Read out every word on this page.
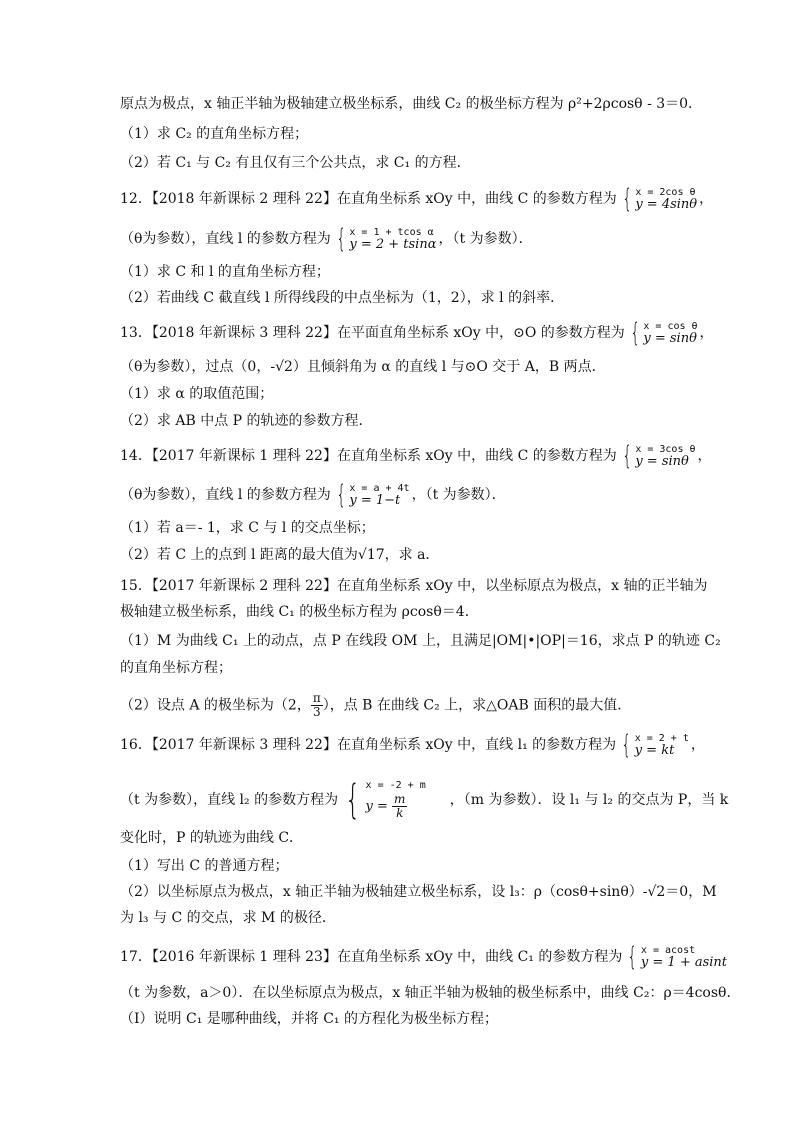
原点为极点，x 轴正半轴为极轴建立极坐标系，曲线 C₂ 的极坐标方程为 ρ²+2ρcosθ - 3＝0．
（1）求 C₂ 的直角坐标方程；
（2）若 C₁ 与 C₂ 有且仅有三个公共点，求 C₁ 的方程．
12．【2018 年新课标 2 理科 22】在直角坐标系 xOy 中，曲线 C 的参数方程为 { x = 2cos θ
y = 4sinθ ，
（θ为参数），直线 l 的参数方程为 { x = 1 + tcos α
y = 2 + tsinα ，（t 为参数）．
（1）求 C 和 l 的直角坐标方程；
（2）若曲线 C 截直线 l 所得线段的中点坐标为（1，2），求 l 的斜率．
13．【2018 年新课标 3 理科 22】在平面直角坐标系 xOy 中，⊙O 的参数方程为 { x = cos θ
y = sinθ ，
（θ为参数），过点（0，-√2）且倾斜角为 α 的直线 l 与⊙O 交于 A，B 两点．
（1）求 α 的取值范围；
（2）求 AB 中点 P 的轨迹的参数方程．
14．【2017 年新课标 1 理科 22】在直角坐标系 xOy 中，曲线 C 的参数方程为 { x = 3cos θ
y = sinθ ，
（θ为参数），直线 l 的参数方程为 { x = a + 4t
y = 1−t ，（t 为参数）．
（1）若 a＝- 1，求 C 与 l 的交点坐标；
（2）若 C 上的点到 l 距离的最大值为√17，求 a．
15．【2017 年新课标 2 理科 22】在直角坐标系 xOy 中，以坐标原点为极点，x 轴的正半轴为
极轴建立极坐标系，曲线 C₁ 的极坐标方程为 ρcosθ＝4．
（1）M 为曲线 C₁ 上的动点，点 P 在线段 OM 上，且满足|OM|•|OP|＝16，求点 P 的轨迹 C₂
的直角坐标方程；
（2）设点 A 的极坐标为（2， $\frac{\pi}{3}$ ），点 B 在曲线 C₂ 上，求△OAB 面积的最大值．
16．【2017 年新课标 3 理科 22】在直角坐标系 xOy 中，直线 l₁ 的参数方程为 { x = 2 + t
y = kt	，
（t 为参数），直线 l₂ 的参数方程为 { x = -2 + m
$y = \frac{m}{k}$	，（m 为参数）．设 l₁ 与 l₂ 的交点为 P，当 k
变化时，P 的轨迹为曲线 C．
（1）写出 C 的普通方程；
（2）以坐标原点为极点，x 轴正半轴为极轴建立极坐标系，设 l₃：ρ（cosθ+sinθ）-√2＝0，M
为 l₃ 与 C 的交点，求 M 的极径．
17．【2016 年新课标 1 理科 23】在直角坐标系 xOy 中，曲线 C₁ 的参数方程为 { x = acost
y = 1 + asint
（t 为参数，a＞0）．在以坐标原点为极点，x 轴正半轴为极轴的极坐标系中，曲线 C₂：ρ＝4cosθ．
（Ⅰ）说明 C₁ 是哪种曲线，并将 C₁ 的方程化为极坐标方程；
